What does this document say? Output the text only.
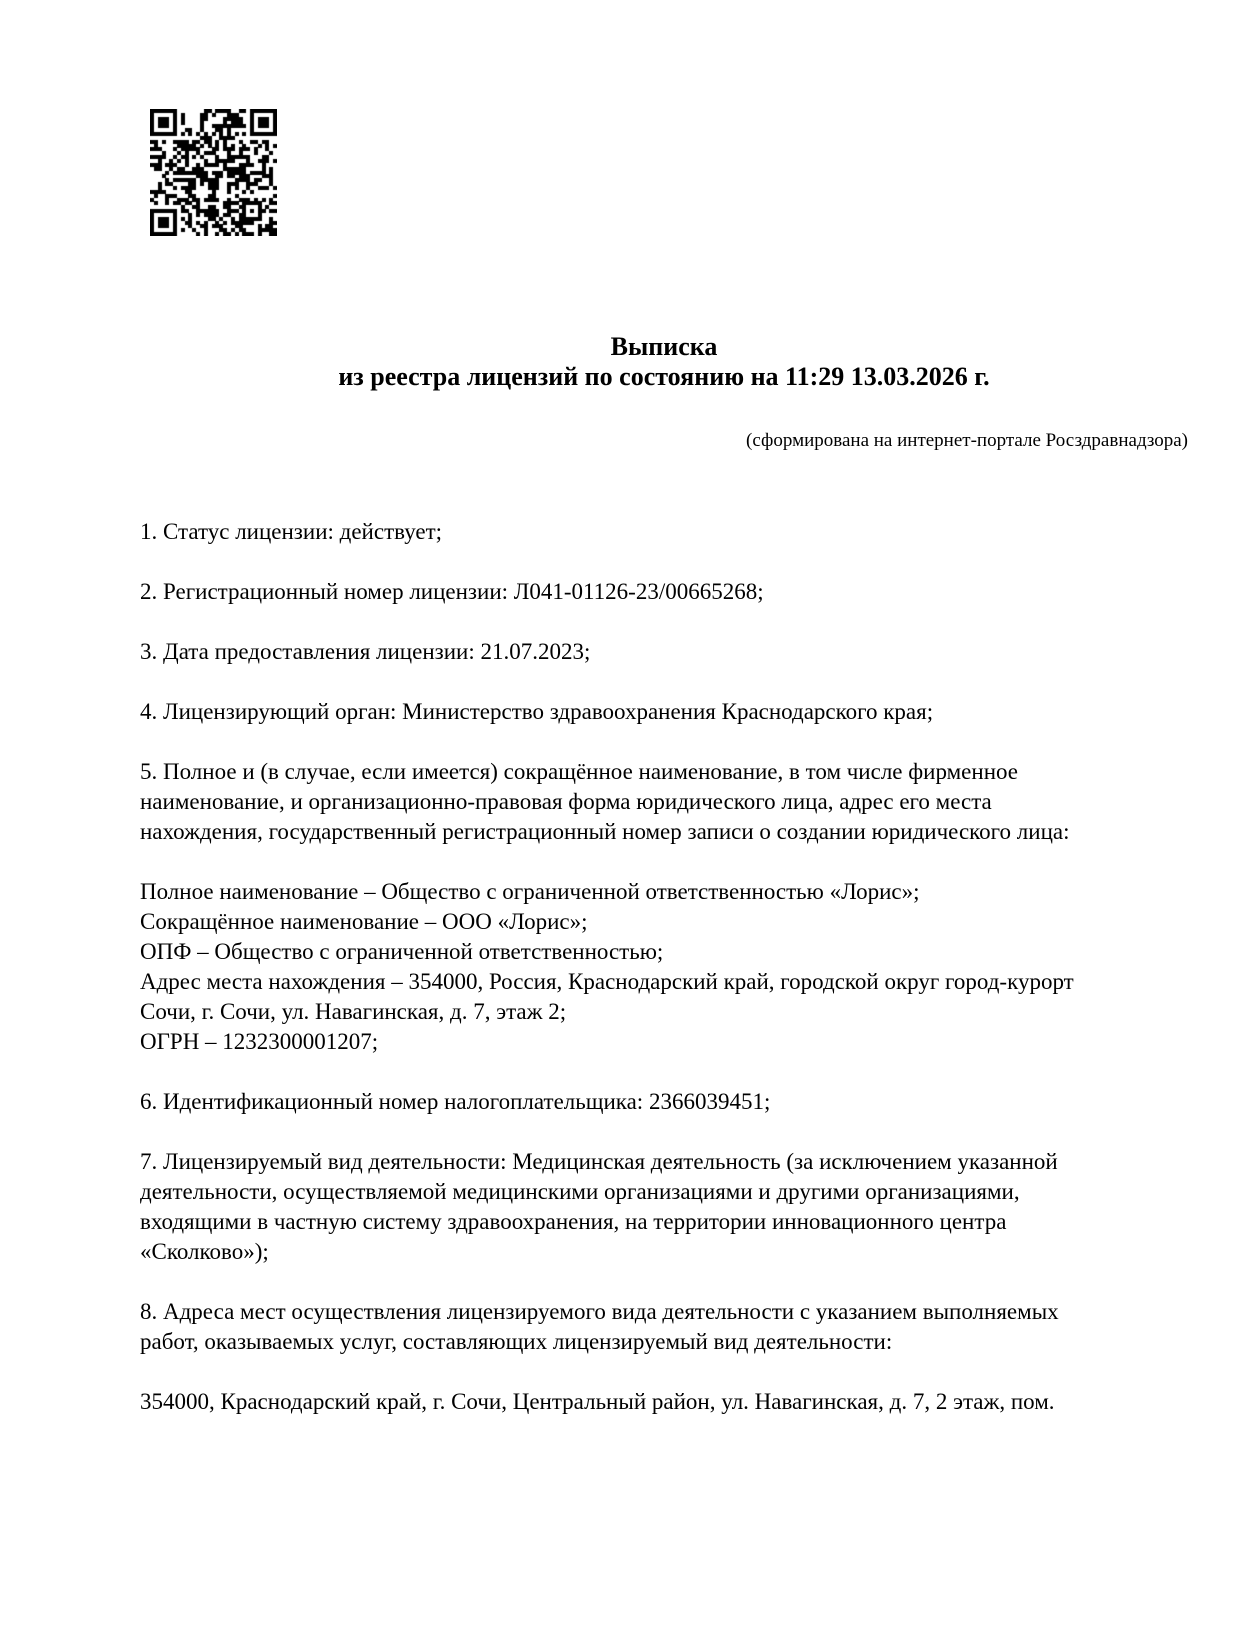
Выписка
из реестра лицензий по состоянию на 11:29 13.03.2026 г.
(сформирована на интернет-портале Росздравнадзора)
1. Статус лицензии: действует;
2. Регистрационный номер лицензии: Л041-01126-23/00665268;
3. Дата предоставления лицензии: 21.07.2023;
4. Лицензирующий орган: Министерство здравоохранения Краснодарского края;
5. Полное и (в случае, если имеется) сокращённое наименование, в том числе фирменное
наименование, и организационно-правовая форма юридического лица, адрес его места
нахождения, государственный регистрационный номер записи о создании юридического лица:
Полное наименование – Общество с ограниченной ответственностью «Лорис»;
Сокращённое наименование – ООО «Лорис»;
ОПФ – Общество с ограниченной ответственностью;
Адрес места нахождения – 354000, Россия, Краснодарский край, городской округ город-курорт
Сочи, г. Сочи, ул. Навагинская, д. 7, этаж 2;
ОГРН – 1232300001207;
6. Идентификационный номер налогоплательщика: 2366039451;
7. Лицензируемый вид деятельности: Медицинская деятельность (за исключением указанной
деятельности, осуществляемой медицинскими организациями и другими организациями,
входящими в частную систему здравоохранения, на территории инновационного центра
«Сколково»);
8. Адреса мест осуществления лицензируемого вида деятельности с указанием выполняемых
работ, оказываемых услуг, составляющих лицензируемый вид деятельности:
354000, Краснодарский край, г. Сочи, Центральный район, ул. Навагинская, д. 7, 2 этаж, пом.
